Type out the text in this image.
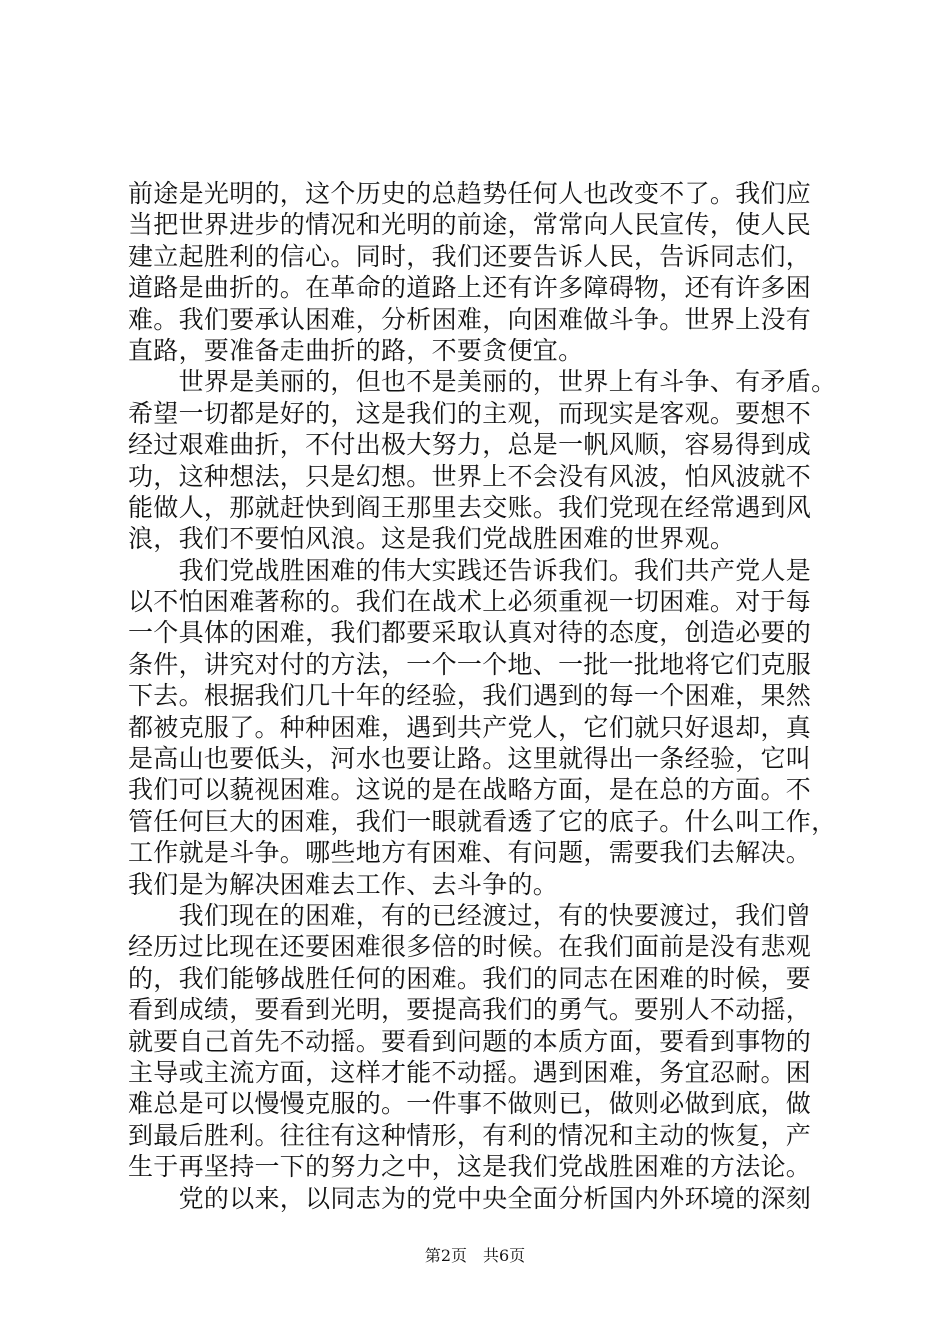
前途是光明的，这个历史的总趋势任何人也改变不了。我们应
当把世界进步的情况和光明的前途，常常向人民宣传，使人民
建立起胜利的信心。同时，我们还要告诉人民，告诉同志们，
道路是曲折的。在革命的道路上还有许多障碍物，还有许多困
难。我们要承认困难，分析困难，向困难做斗争。世界上没有
直路，要准备走曲折的路，不要贪便宜。
　　世界是美丽的，但也不是美丽的，世界上有斗争、有矛盾。
希望一切都是好的，这是我们的主观，而现实是客观。要想不
经过艰难曲折，不付出极大努力，总是一帆风顺，容易得到成
功，这种想法，只是幻想。世界上不会没有风波，怕风波就不
能做人，那就赶快到阎王那里去交账。我们党现在经常遇到风
浪，我们不要怕风浪。这是我们党战胜困难的世界观。
　　我们党战胜困难的伟大实践还告诉我们。我们共产党人是
以不怕困难著称的。我们在战术上必须重视一切困难。对于每
一个具体的困难，我们都要采取认真对待的态度，创造必要的
条件，讲究对付的方法，一个一个地、一批一批地将它们克服
下去。根据我们几十年的经验，我们遇到的每一个困难，果然
都被克服了。种种困难，遇到共产党人，它们就只好退却，真
是高山也要低头，河水也要让路。这里就得出一条经验，它叫
我们可以藐视困难。这说的是在战略方面，是在总的方面。不
管任何巨大的困难，我们一眼就看透了它的底子。什么叫工作，
工作就是斗争。哪些地方有困难、有问题，需要我们去解决。
我们是为解决困难去工作、去斗争的。
　　我们现在的困难，有的已经渡过，有的快要渡过，我们曾
经历过比现在还要困难很多倍的时候。在我们面前是没有悲观
的，我们能够战胜任何的困难。我们的同志在困难的时候，要
看到成绩，要看到光明，要提高我们的勇气。要别人不动摇，
就要自己首先不动摇。要看到问题的本质方面，要看到事物的
主导或主流方面，这样才能不动摇。遇到困难，务宜忍耐。困
难总是可以慢慢克服的。一件事不做则已，做则必做到底，做
到最后胜利。往往有这种情形，有利的情况和主动的恢复，产
生于再坚持一下的努力之中，这是我们党战胜困难的方法论。
　　党的以来，以同志为的党中央全面分析国内外环境的深刻
第2页　共6页
